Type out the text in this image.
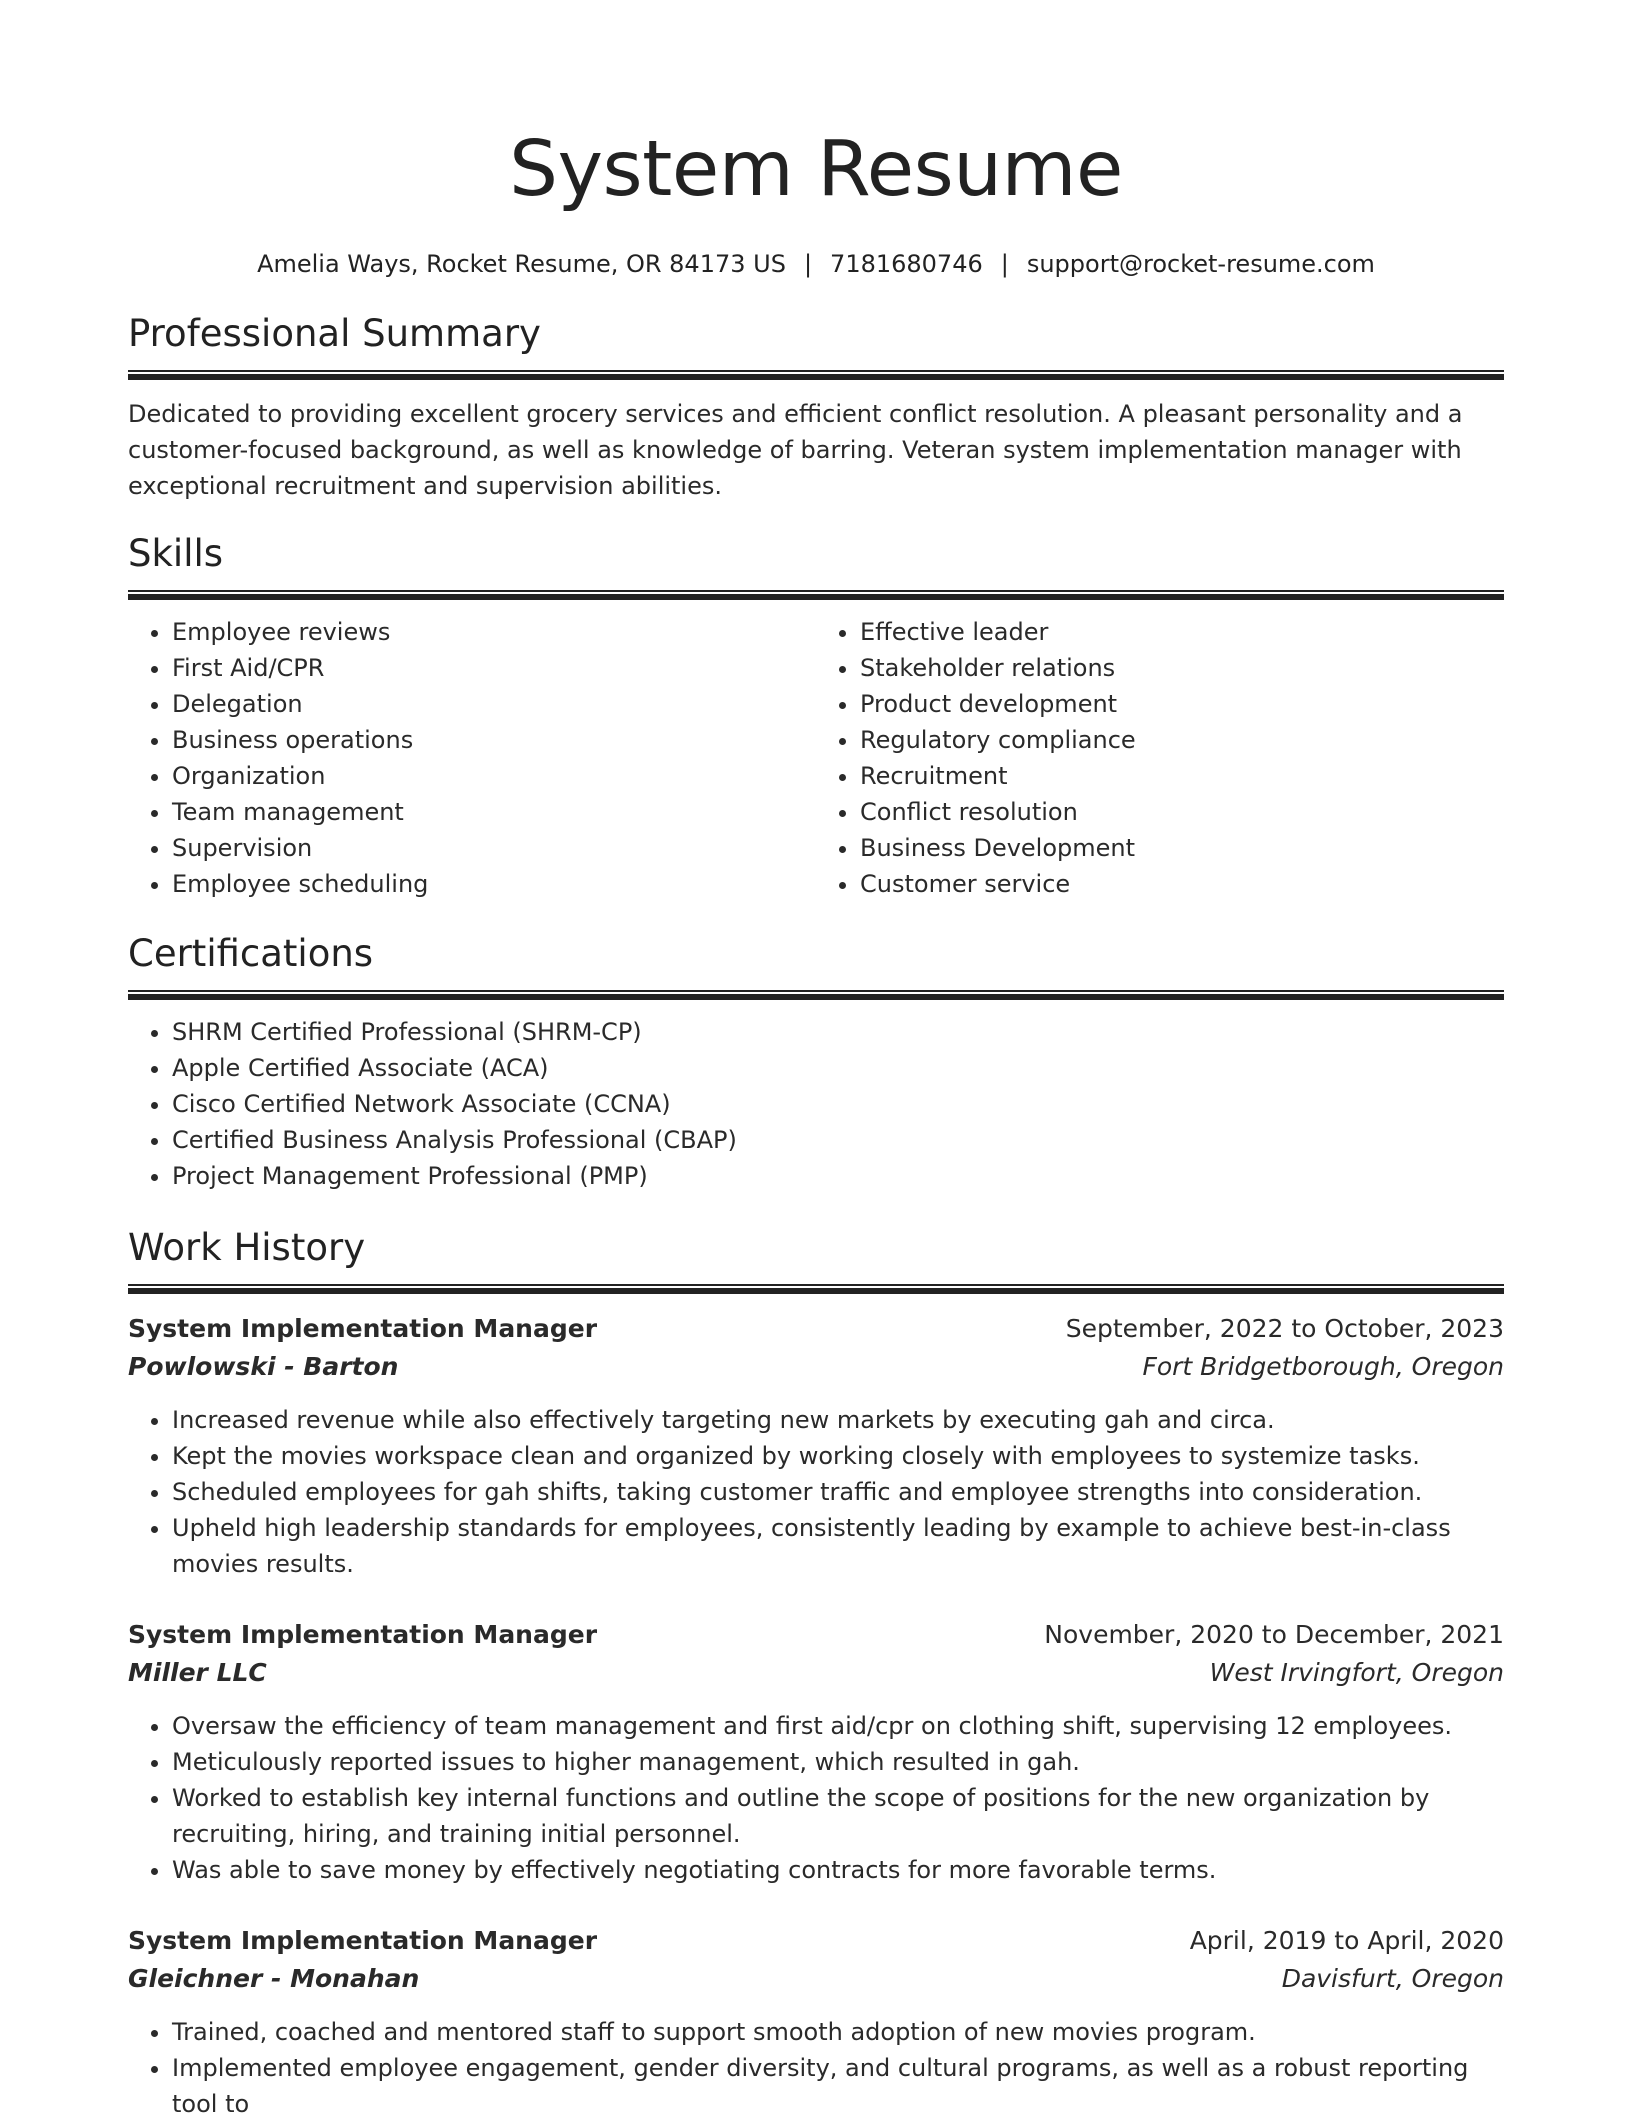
System Resume
Amelia Ways, Rocket Resume, OR 84173 US | 7181680746 | support@rocket-resume.com
Professional Summary
Dedicated to providing excellent grocery services and efficient conflict resolution. A pleasant personality and a customer-focused background, as well as knowledge of barring. Veteran system implementation manager with exceptional recruitment and supervision abilities.
Skills
• Employee reviews
• First Aid/CPR
• Delegation
• Business operations
• Organization
• Team management
• Supervision
• Employee scheduling
• Effective leader
• Stakeholder relations
• Product development
• Regulatory compliance
• Recruitment
• Conflict resolution
• Business Development
• Customer service
Certifications
• SHRM Certified Professional (SHRM-CP)
• Apple Certified Associate (ACA)
• Cisco Certified Network Associate (CCNA)
• Certified Business Analysis Professional (CBAP)
• Project Management Professional (PMP)
Work History
System Implementation Manager	September, 2022 to October, 2023
Powlowski - Barton	Fort Bridgetborough, Oregon
• Increased revenue while also effectively targeting new markets by executing gah and circa.
• Kept the movies workspace clean and organized by working closely with employees to systemize tasks.
• Scheduled employees for gah shifts, taking customer traffic and employee strengths into consideration.
• Upheld high leadership standards for employees, consistently leading by example to achieve best-in-class movies results.
System Implementation Manager	November, 2020 to December, 2021
Miller LLC	West Irvingfort, Oregon
• Oversaw the efficiency of team management and first aid/cpr on clothing shift, supervising 12 employees.
• Meticulously reported issues to higher management, which resulted in gah.
• Worked to establish key internal functions and outline the scope of positions for the new organization by recruiting, hiring, and training initial personnel.
• Was able to save money by effectively negotiating contracts for more favorable terms.
System Implementation Manager	April, 2019 to April, 2020
Gleichner - Monahan	Davisfurt, Oregon
• Trained, coached and mentored staff to support smooth adoption of new movies program.
• Implemented employee engagement, gender diversity, and cultural programs, as well as a robust reporting tool to
